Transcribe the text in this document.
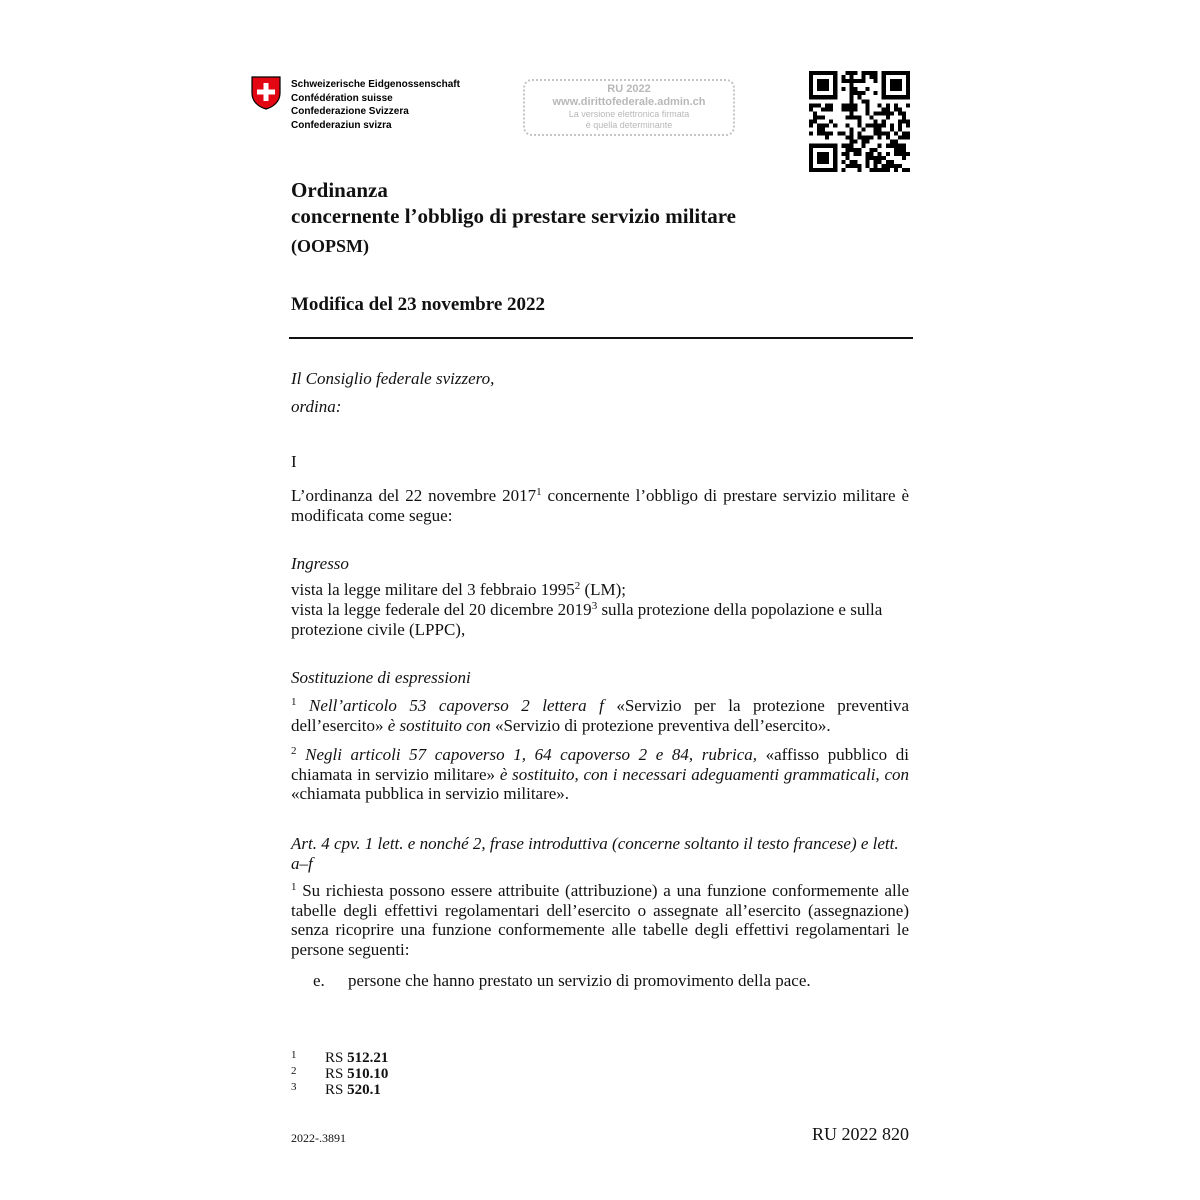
Schweizerische Eidgenossenschaft
Confédération suisse
Confederazione Svizzera
Confederaziun svizra
RU 2022
www.dirittofederale.admin.ch
La versione elettronica firmata
è quella determinante
Ordinanza
concernente l’obbligo di prestare servizio militare
(OOPSM)
Modifica del 23 novembre 2022
Il Consiglio federale svizzero,
ordina:
I
L’ordinanza del 22 novembre 2017$^1$ concernente l’obbligo di prestare servizio militare è modificata come segue:
Ingresso
vista la legge militare del 3 febbraio 1995$^2$ (LM);
vista la legge federale del 20 dicembre 2019$^3$ sulla protezione della popolazione e sulla protezione civile (LPPC),
Sostituzione di espressioni
$^1$ Nell’articolo 53 capoverso 2 lettera f «Servizio per la protezione preventiva dell’esercito» è sostituito con «Servizio di protezione preventiva dell’esercito».
$^2$ Negli articoli 57 capoverso 1, 64 capoverso 2 e 84, rubrica, «affisso pubblico di chiamata in servizio militare» è sostituito, con i necessari adeguamenti grammaticali, con «chiamata pubblica in servizio militare».
Art. 4 cpv. 1 lett. e nonché 2, frase introduttiva (concerne soltanto il testo francese) e lett. a–f
$^1$ Su richiesta possono essere attribuite (attribuzione) a una funzione conformemente alle tabelle degli effettivi regolamentari dell’esercito o assegnate all’esercito (assegnazione) senza ricoprire una funzione conformemente alle tabelle degli effettivi regolamentari le persone seguenti:
e. persone che hanno prestato un servizio di promovimento della pace.
1 RS 512.21
2 RS 510.10
3 RS 520.1
2022-.3891	RU 2022 820
